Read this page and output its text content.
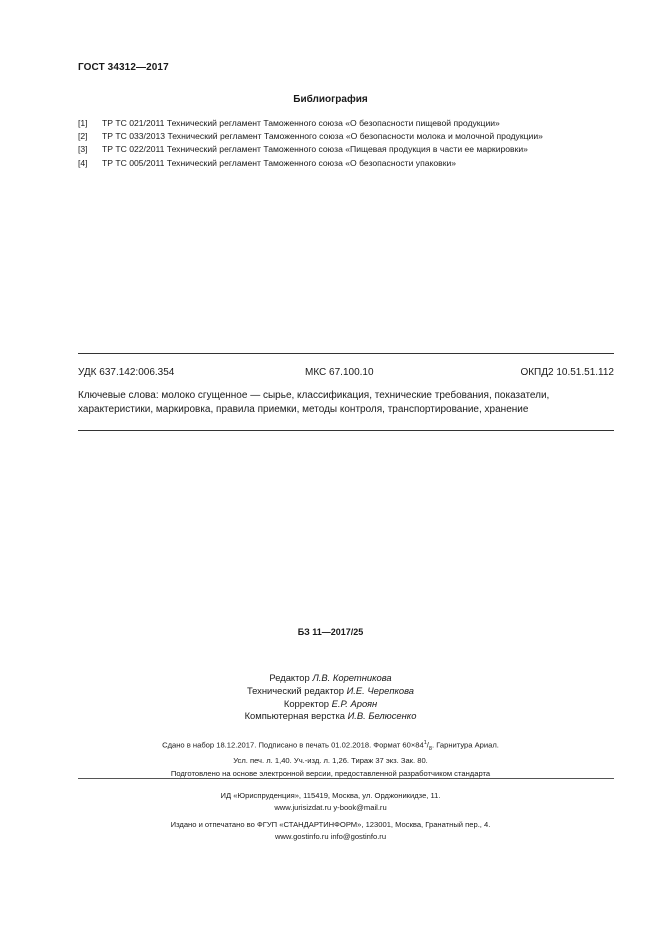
ГОСТ 34312—2017
Библиография
[1] ТР ТС 021/2011 Технический регламент Таможенного союза «О безопасности пищевой продукции»
[2] ТР ТС 033/2013 Технический регламент Таможенного союза «О безопасности молока и молочной продукции»
[3] ТР ТС 022/2011 Технический регламент Таможенного союза «Пищевая продукция в части ее маркировки»
[4] ТР ТС 005/2011 Технический регламент Таможенного союза «О безопасности упаковки»
УДК 637.142:006.354	МКС 67.100.10	ОКПД2 10.51.51.112
Ключевые слова: молоко сгущенное — сырье, классификация, технические требования, показатели,
характеристики, маркировка, правила приемки, методы контроля, транспортирование, хранение
БЗ 11—2017/25
Редактор Л.В. Коретникова
Технический редактор И.Е. Черепкова
Корректор Е.Р. Ароян
Компьютерная верстка И.В. Белюсенко
Сдано в набор 18.12.2017. Подписано в печать 01.02.2018. Формат $60\times 84^1/_8$. Гарнитура Ариал.
Усл. печ. л. 1,40. Уч.-изд. л. 1,26. Тираж 37 экз. Зак. 80.
Подготовлено на основе электронной версии, предоставленной разработчиком стандарта
ИД «Юриспруденция», 115419, Москва, ул. Орджоникидзе, 11.
www.jurisizdat.ru y-book@mail.ru
Издано и отпечатано во ФГУП «СТАНДАРТИНФОРМ», 123001, Москва, Гранатный пер., 4.
www.gostinfo.ru info@gostinfo.ru
